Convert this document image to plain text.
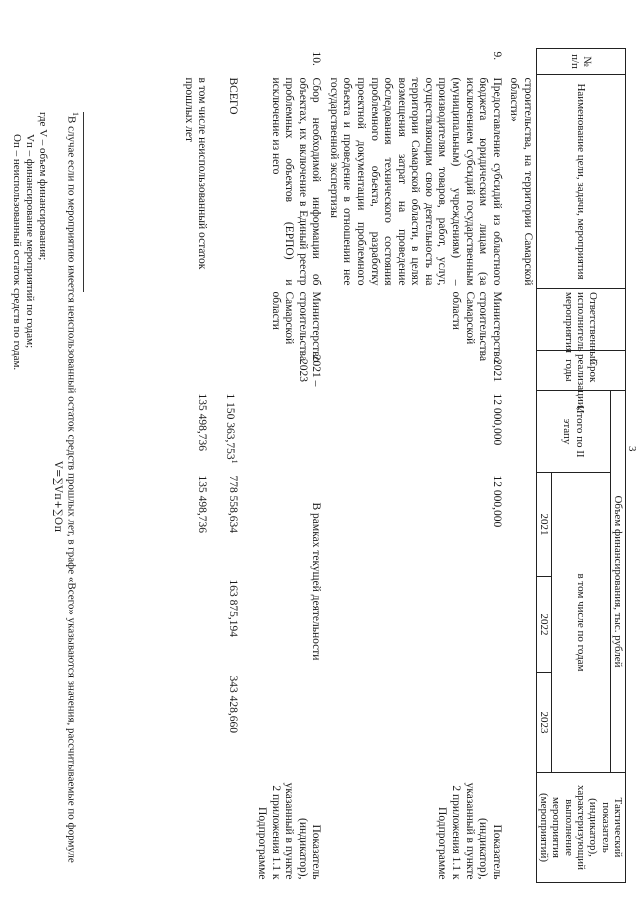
3
№ п/п	Наименование цели, задачи, мероприятия	Ответственный исполнитель мероприятия	Срок реализации, годы	Объем финансирования, тыс. рублей				Тактический показатель (индикатор), характеризующий выполнение мероприятия (мероприятий)
				Итого по II этапу	в том числе по годам			
					2021	2022	2023	
	строительства, на территории Самарской области»							
9.	Предоставление субсидий из областного бюджета юридическим лицам (за исключением субсидий государственным (муниципальным) учреждениям) – производителям товаров, работ, услуг, осуществляющим свою деятельность на территории Самарской области, в целях возмещения затрат на проведение обследования технического состояния проблемного объекта, разработку проектной документации проблемного объекта и проведение в отношении нее государственной экспертизы	Министерство строительства Самарской области	2021	12 000,000	12 000,000			Показатель (индикатор), указанный в пункте 2 приложения 1.1 к Подпрограмме
10.	Сбор необходимой информации об объектах, их включение в Единый реестр проблемных объектов (ЕРПО) и исключение из него	Министерство строительства Самарской области	2021 – 2023	В рамках текущей деятельности				Показатель (индикатор), указанный в пункте 2 приложения 1.1 к Подпрограмме
	ВСЕГО			1 150 363,753$^1$	778 558,634	163 875,194	343 428,660	
	в том числе неиспользованный остаток прошлых лет			135 498,736	135 498,736			

$^1$В случае если по мероприятию имеется неиспользованный остаток средств прошлых лет, в графе «Всего» указываются значения, рассчитываемые по формуле

V=∑Vп+∑Oп

где V – объем финансирования;

Vп – финансирование мероприятий по годам;

Oп – неиспользованный остаток средств по годам.
